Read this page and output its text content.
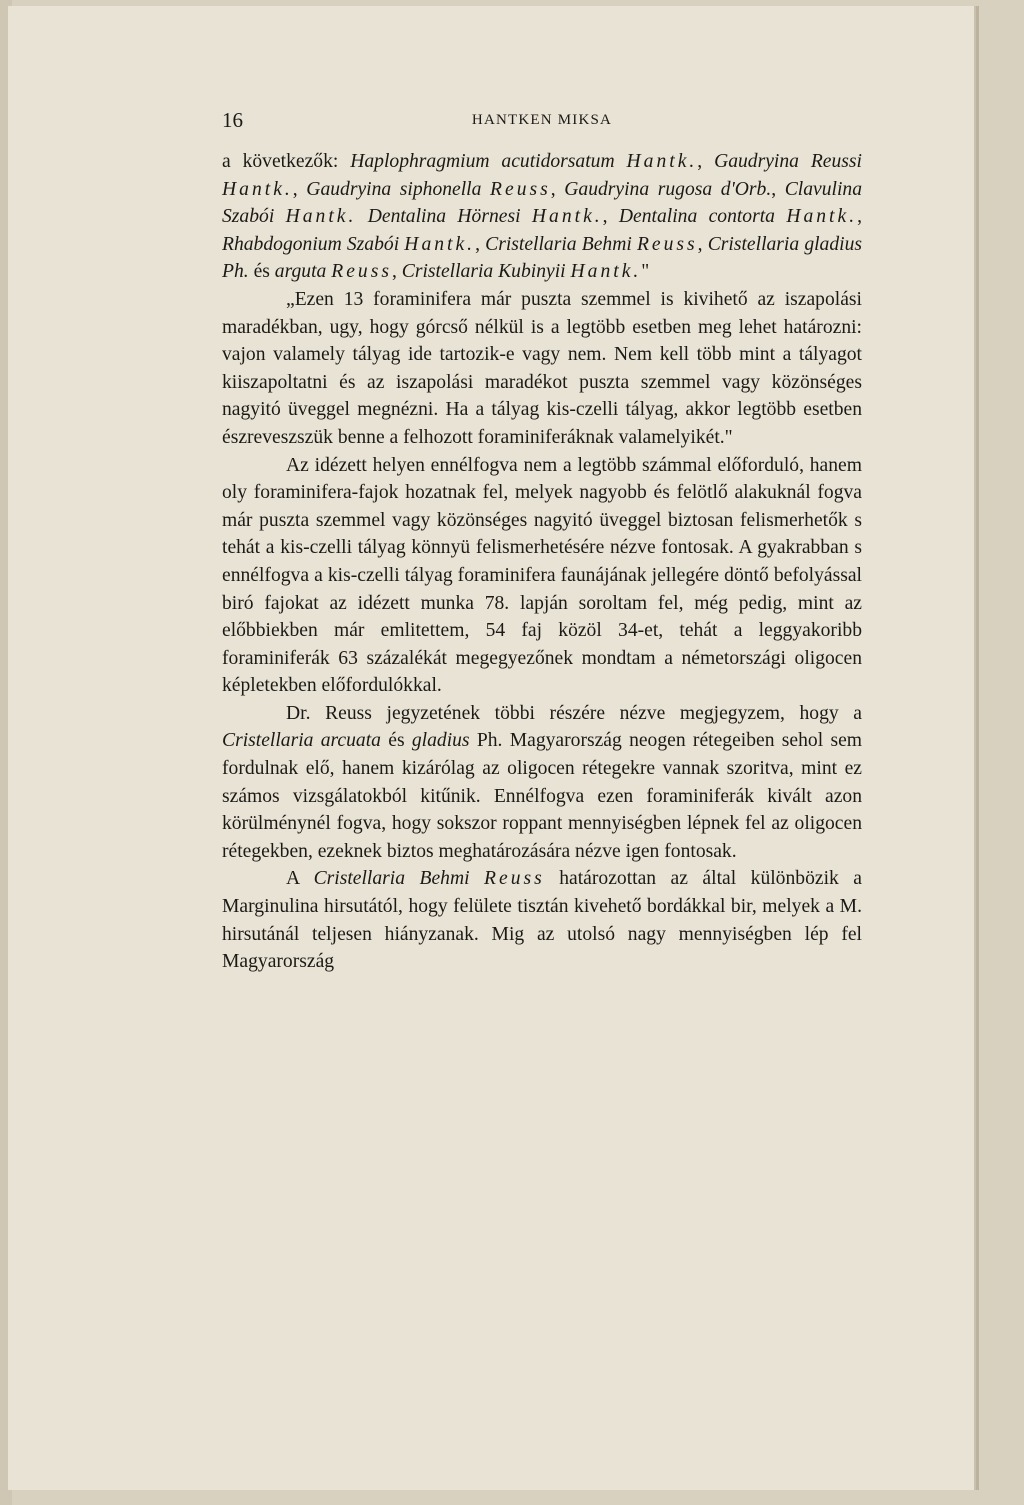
16	HANTKEN MIKSA

a következők: Haplophragmium acutidorsatum Hantk., Gaudryina Reussi Hantk., Gaudryina siphonella Reuss, Gaudryina rugosa d'Orb., Clavulina Szabói Hantk. Dentalina Hörnesi Hantk., Dentalina contorta Hantk., Rhabdogonium Szabói Hantk., Cristellaria Behmi Reuss, Cristellaria gladius Ph. és arguta Reuss, Cristellaria Kubinyii Hantk."

„Ezen 13 foraminifera már puszta szemmel is kivihető az iszapolási maradékban, ugy, hogy górcső nélkül is a legtöbb esetben meg lehet határozni: vajon valamely tályag ide tartozik-e vagy nem. Nem kell több mint a tályagot kiiszapoltatni és az iszapolási maradékot puszta szemmel vagy közönséges nagyitó üveggel megnézni. Ha a tályag kis-czelli tályag, akkor legtöbb esetben észreveszszük benne a felhozott foraminiferáknak valamelyikét."

Az idézett helyen ennélfogva nem a legtöbb számmal előforduló, hanem oly foraminifera-fajok hozatnak fel, melyek nagyobb és felötlő alakuknál fogva már puszta szemmel vagy közönséges nagyitó üveggel biztosan felismerhetők s tehát a kis-czelli tályag könnyü felismerhetésére nézve fontosak. A gyakrabban s ennélfogva a kis-czelli tályag foraminifera faunájának jellegére döntő befolyással biró fajokat az idézett munka 78. lapján soroltam fel, még pedig, mint az előbbiekben már emlitettem, 54 faj közöl 34-et, tehát a leggyakoribb foraminiferák 63 százalékát megegyezőnek mondtam a németországi oligocen képletekben előfordulókkal.

Dr. Reuss jegyzetének többi részére nézve megjegyzem, hogy a Cristellaria arcuata és gladius Ph. Magyarország neogen rétegeiben sehol sem fordulnak elő, hanem kizárólag az oligocen rétegekre vannak szoritva, mint ez számos vizsgálatokból kitűnik. Ennélfogva ezen foraminiferák kivált azon körülménynél fogva, hogy sokszor roppant mennyiségben lépnek fel az oligocen rétegekben, ezeknek biztos meghatározására nézve igen fontosak.

A Cristellaria Behmi Reuss határozottan az által különbözik a Marginulina hirsutától, hogy felülete tisztán kivehető bordákkal bir, melyek a M. hirsutánál teljesen hiányzanak. Mig az utolsó nagy mennyiségben lép fel Magyarország
